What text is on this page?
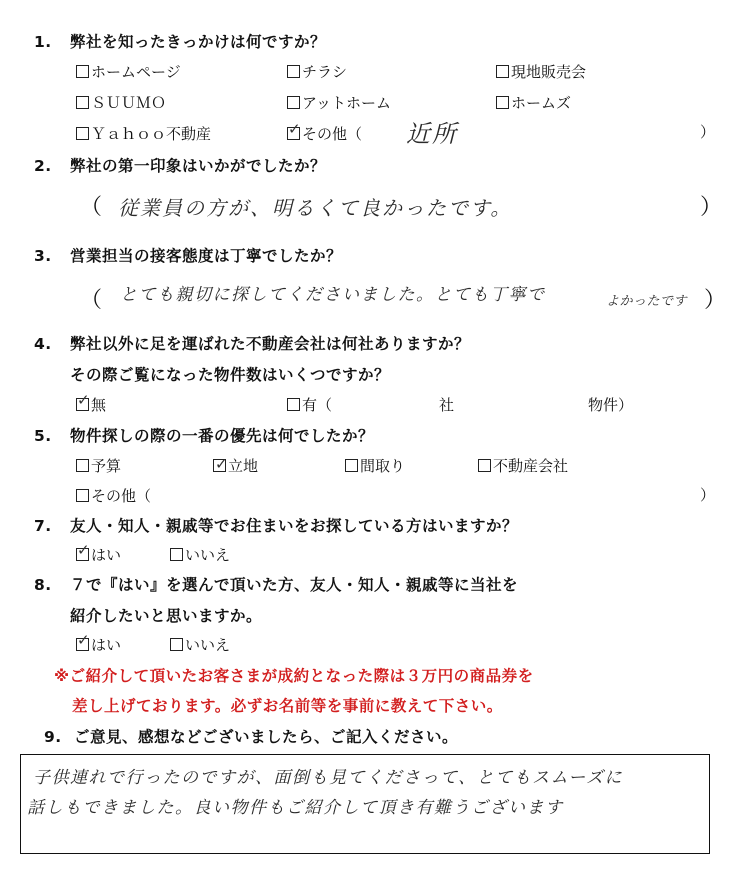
1. 弊社を知ったきっかけは何ですか？
ホームページ	チラシ	現地販売会
ＳＵＵＭＯ	アットホーム	ホームズ
Ｙａｈｏｏ不動産	✓ その他（ 近所	）
2. 弊社の第一印象はいかがでしたか？
（ 従業員の方が、明るくて良かったです。	）
3. 営業担当の接客態度は丁寧でしたか？
（ とても親切に探してくださいました。とても丁寧で	よかったです ）
4. 弊社以外に足を運ばれた不動産会社は何社ありますか？
その際ご覧になった物件数はいくつですか？
✓ 無	有（	社	物件）
5. 物件探しの際の一番の優先は何でしたか？
予算	✓ 立地	間取り	不動産会社
その他（	）
7. 友人・知人・親戚等でお住まいをお探している方はいますか？
✓ はい	いいえ
8. ７で『はい』を選んで頂いた方、友人・知人・親戚等に当社を
紹介したいと思いますか。
✓ はい	いいえ
※ご紹介して頂いたお客さまが成約となった際は３万円の商品券を
差し上げております。必ずお名前等を事前に教えて下さい。
9. ご意見、感想などございましたら、ご記入ください。
子供連れで行ったのですが、面倒も見てくださって、とてもスムーズに
話しもできました。良い物件もご紹介して頂き有難うございます
